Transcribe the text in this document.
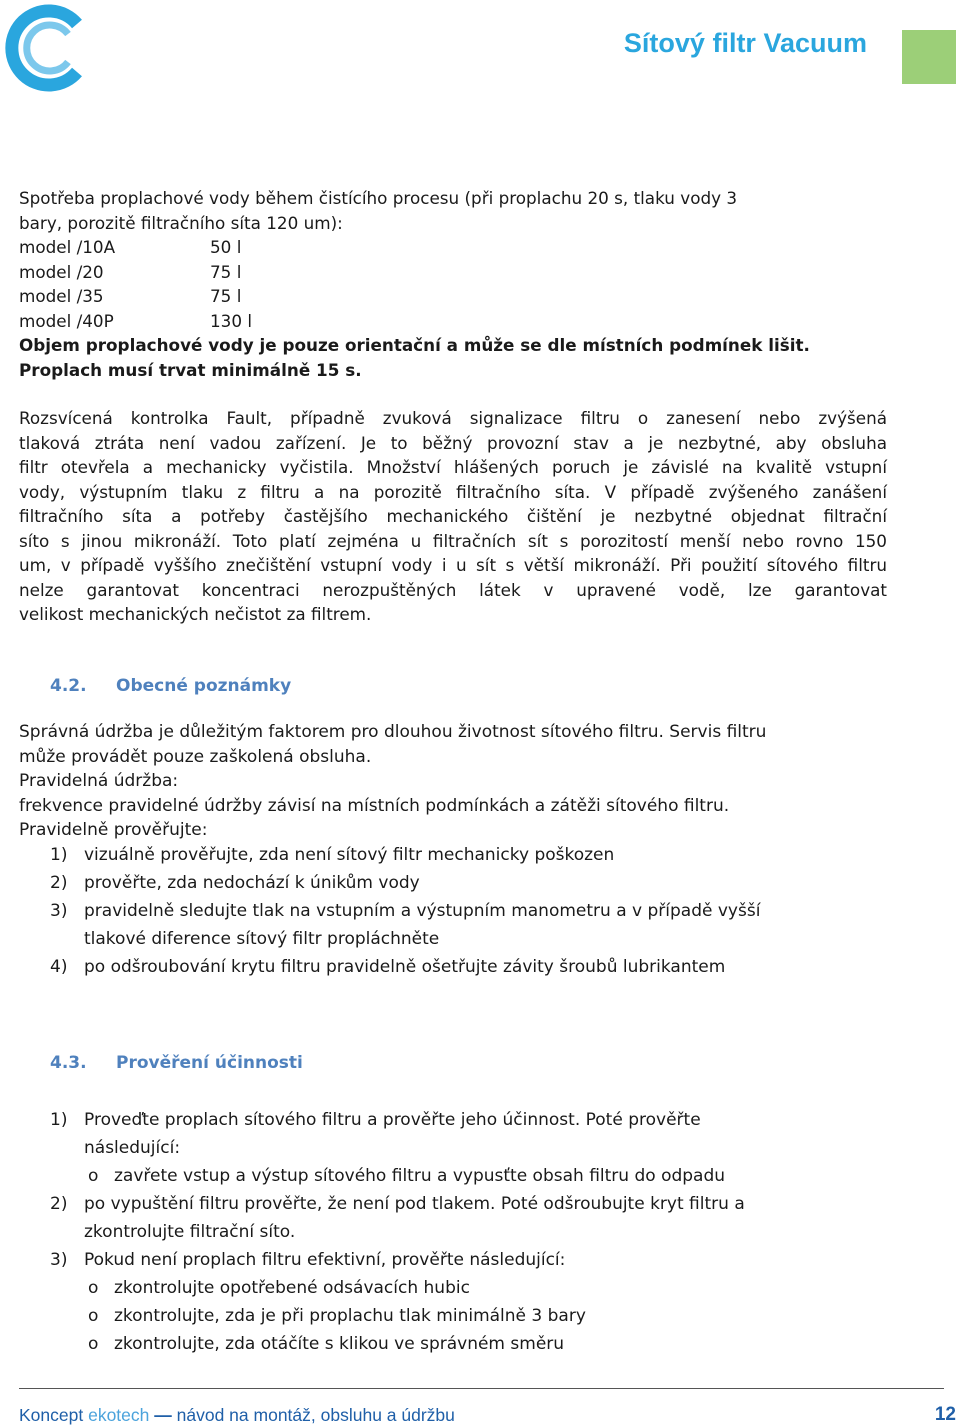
Sítový filtr Vacuum
Spotřeba proplachové vody během čistícího procesu (při proplachu 20 s, tlaku vody 3
bary, porozitě filtračního síta 120 um):
model /10A	50 l
model /20	75 l
model /35	75 l
model /40P	130 l
Objem proplachové vody je pouze orientační a může se dle místních podmínek lišit.
Proplach musí trvat minimálně 15 s.
Rozsvícená kontrolka Fault, případně zvuková signalizace filtru o zanesení nebo zvýšená
tlaková ztráta není vadou zařízení. Je to běžný provozní stav a je nezbytné, aby obsluha
filtr otevřela a mechanicky vyčistila. Množství hlášených poruch je závislé na kvalitě vstupní
vody, výstupním tlaku z filtru a na porozitě filtračního síta. V případě zvýšeného zanášení
filtračního síta a potřeby častějšího mechanického čištění je nezbytné objednat filtrační
síto s jinou mikronáží. Toto platí zejména u filtračních sít s porozitostí menší nebo rovno 150
um, v případě vyššího znečištění vstupní vody i u sít s větší mikronáží. Při použití sítového filtru
nelze garantovat koncentraci nerozpuštěných látek v upravené vodě, lze garantovat
velikost mechanických nečistot za filtrem.
4.2. Obecné poznámky
Správná údržba je důležitým faktorem pro dlouhou životnost sítového filtru. Servis filtru
může provádět pouze zaškolená obsluha.
Pravidelná údržba:
frekvence pravidelné údržby závisí na místních podmínkách a zátěži sítového filtru.
Pravidelně prověřujte:
1) vizuálně prověřujte, zda není sítový filtr mechanicky poškozen
2) prověřte, zda nedochází k únikům vody
3) pravidelně sledujte tlak na vstupním a výstupním manometru a v případě vyšší
tlakové diference sítový filtr propláchněte
4) po odšroubování krytu filtru pravidelně ošetřujte závity šroubů lubrikantem
4.3. Prověření účinnosti
1) Proveďte proplach sítového filtru a prověřte jeho účinnost. Poté prověřte
následující:
o zavřete vstup a výstup sítového filtru a vypusťte obsah filtru do odpadu
2) po vypuštění filtru prověřte, že není pod tlakem. Poté odšroubujte kryt filtru a
zkontrolujte filtrační síto.
3) Pokud není proplach filtru efektivní, prověřte následující:
o zkontrolujte opotřebené odsávacích hubic
o zkontrolujte, zda je při proplachu tlak minimálně 3 bary
o zkontrolujte, zda otáčíte s klikou ve správném směru
Koncept ekotech — návod na montáž, obsluhu a údržbu	12
